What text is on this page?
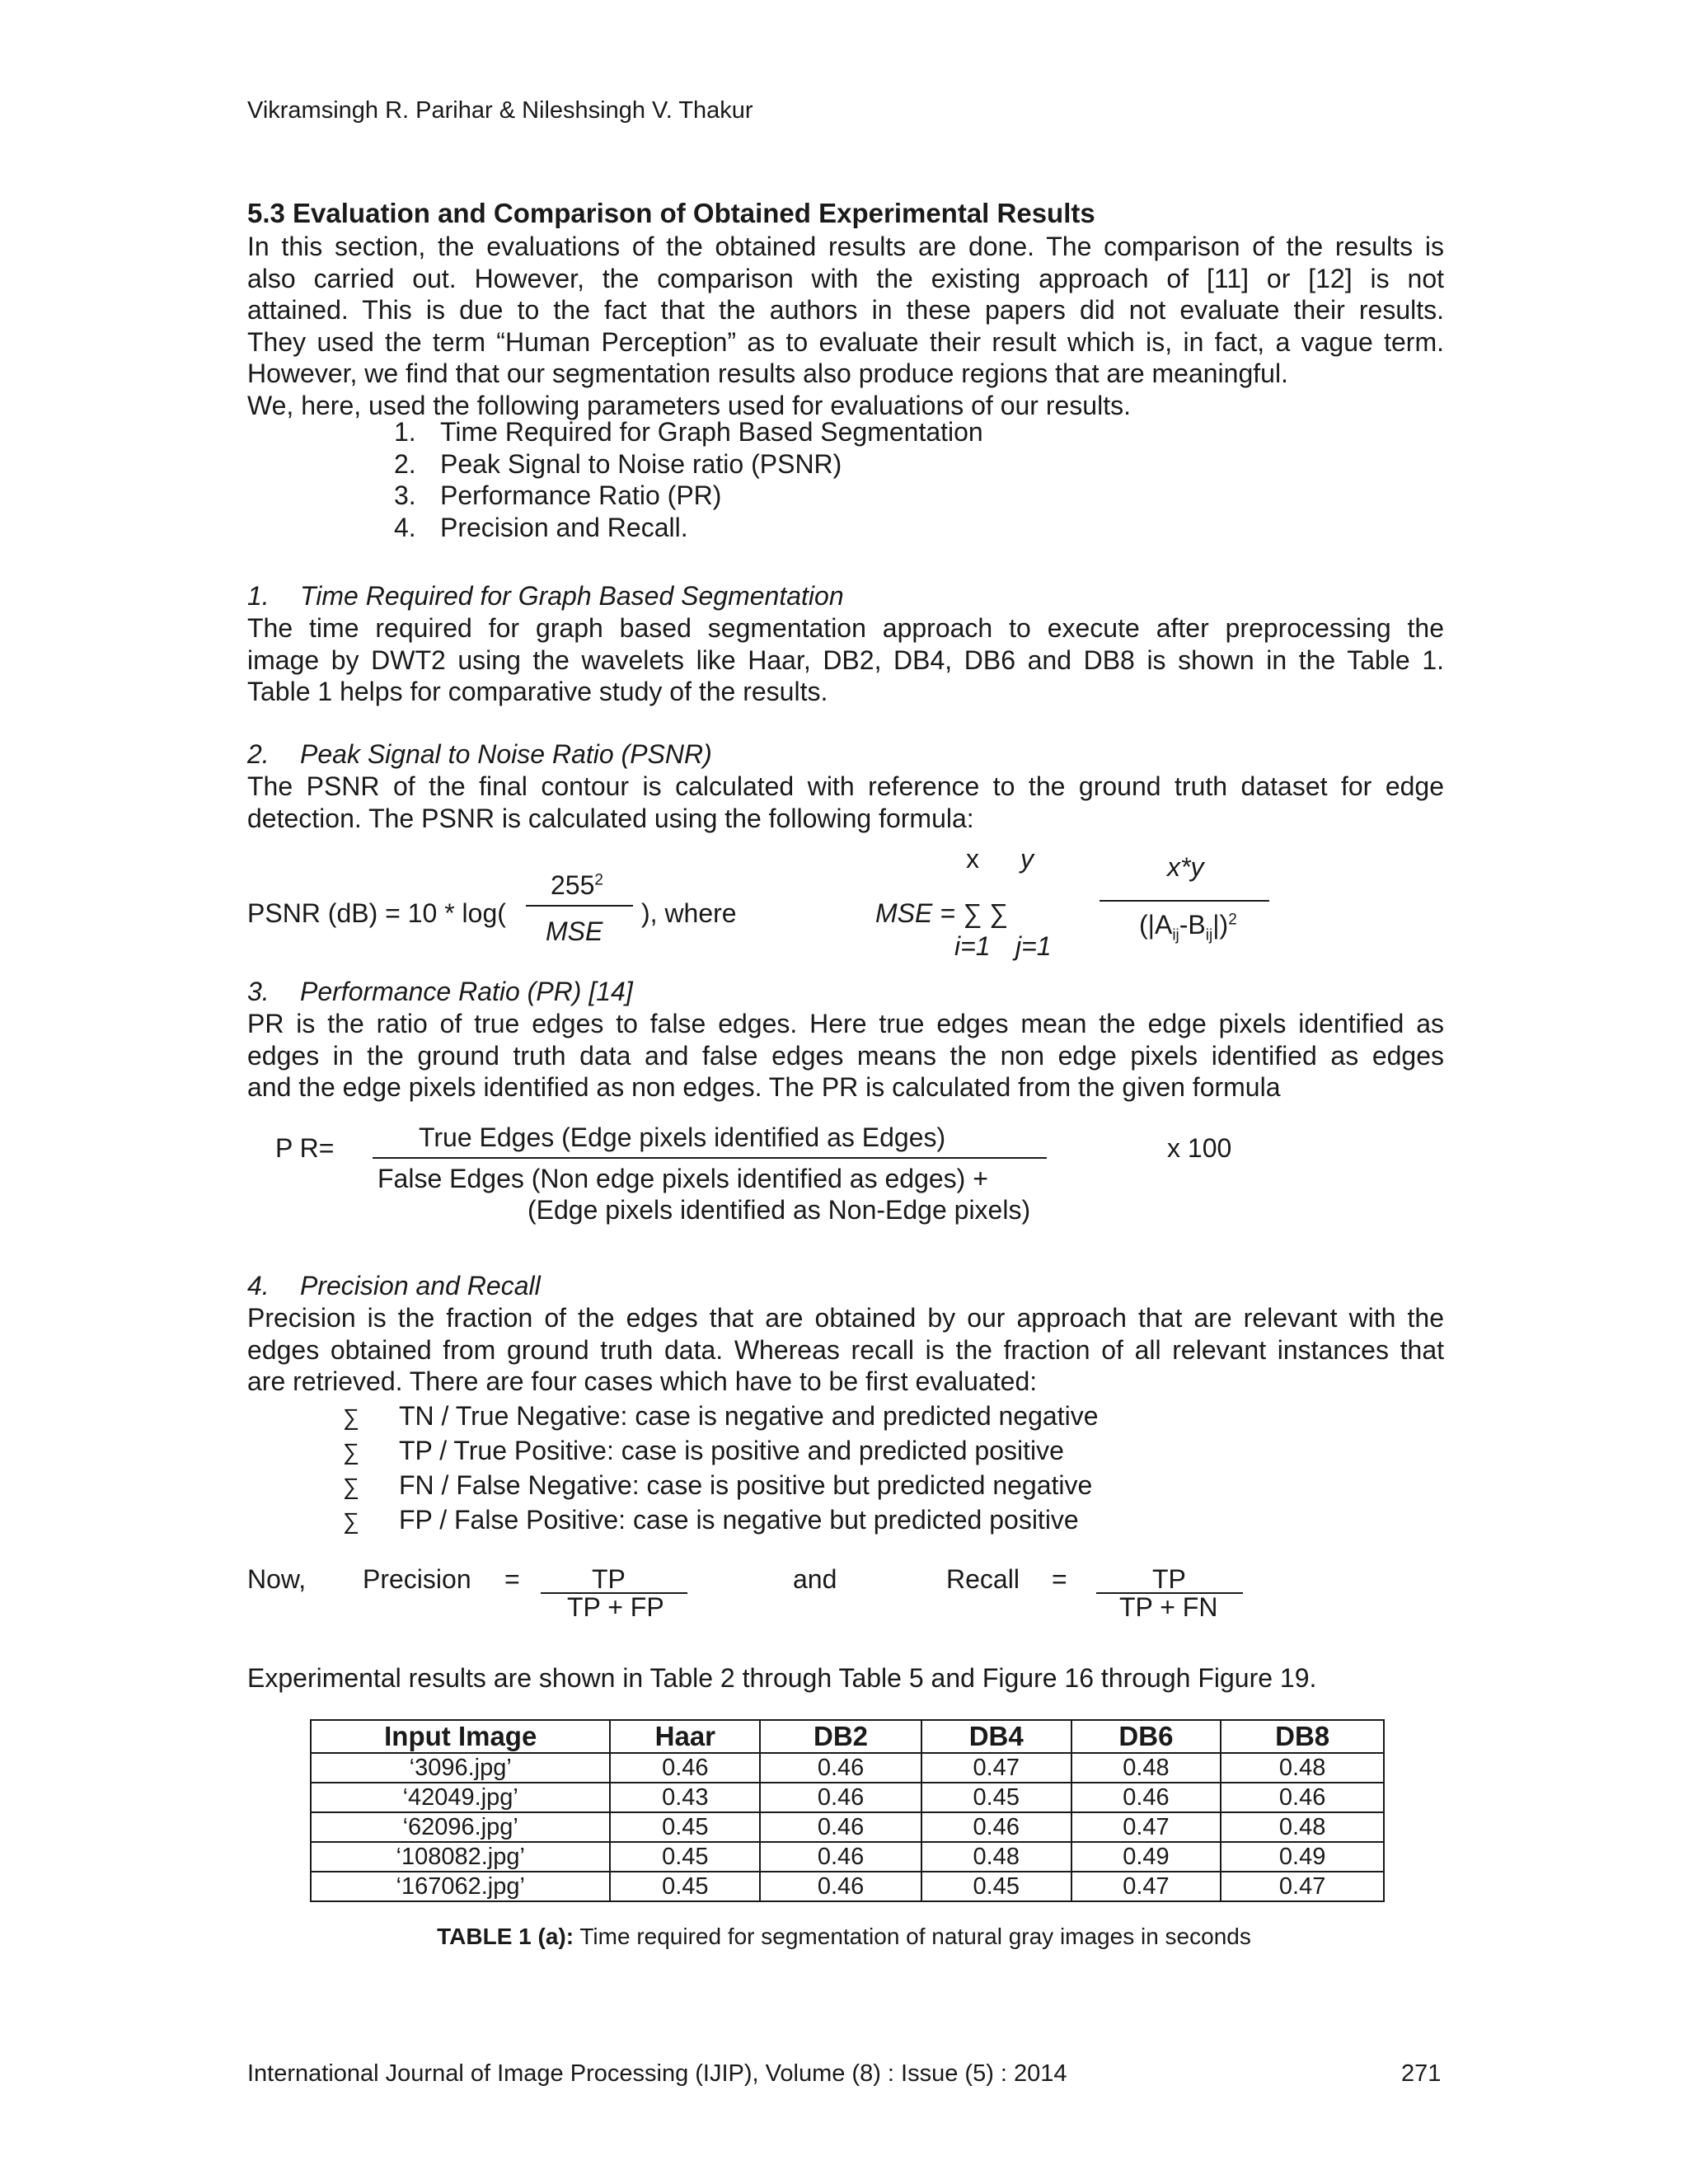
Vikramsingh R. Parihar & Nileshsingh V. Thakur
5.3 Evaluation and Comparison of Obtained Experimental Results

In this section, the evaluations of the obtained results are done. The comparison of the results is

also carried out. However, the comparison with the existing approach of [11] or [12] is not

attained. This is due to the fact that the authors in these papers did not evaluate their results.

They used the term “Human Perception” as to evaluate their result which is, in fact, a vague term.

However, we find that our segmentation results also produce regions that are meaningful.

We, here, used the following parameters used for evaluations of our results.

1. Time Required for Graph Based Segmentation
2. Peak Signal to Noise ratio (PSNR)
3. Performance Ratio (PR)
4. Precision and Recall.
1. Time Required for Graph Based Segmentation

The time required for graph based segmentation approach to execute after preprocessing the

image by DWT2 using the wavelets like Haar, DB2, DB4, DB6 and DB8 is shown in the Table 1.

Table 1 helps for comparative study of the results.

2. Peak Signal to Noise Ratio (PSNR)

The PSNR of the final contour is calculated with reference to the ground truth dataset for edge

detection. The PSNR is calculated using the following formula:

PSNR (dB) = 10 * log(
$255^2$
MSE
), where
x y
MSE = ∑ ∑
i=1 j=1
x*y
$(|A_{ij}-B_{ij}|)^2$
3. Performance Ratio (PR) [14]

PR is the ratio of true edges to false edges. Here true edges mean the edge pixels identified as

edges in the ground truth data and false edges means the non edge pixels identified as edges

and the edge pixels identified as non edges. The PR is calculated from the given formula

P R=	True Edges (Edge pixels identified as Edges)
False Edges (Non edge pixels identified as edges) +
(Edge pixels identified as Non-Edge pixels)
x 100
4. Precision and Recall

Precision is the fraction of the edges that are obtained by our approach that are relevant with the

edges obtained from ground truth data. Whereas recall is the fraction of all relevant instances that

are retrieved. There are four cases which have to be first evaluated:

∑ TN / True Negative: case is negative and predicted negative
∑ TP / True Positive: case is positive and predicted positive
∑ FN / False Negative: case is positive but predicted negative
∑ FP / False Positive: case is negative but predicted positive
Now, Precision =	TP
TP + FP
and	Recall =	TP
TP + FN
Experimental results are shown in Table 2 through Table 5 and Figure 16 through Figure 19.
Input Image	Haar	DB2	DB4	DB6	DB8
‘3096.jpg’	0.46	0.46	0.47	0.48	0.48
‘42049.jpg’	0.43	0.46	0.45	0.46	0.46
‘62096.jpg’	0.45	0.46	0.46	0.47	0.48
‘108082.jpg’	0.45	0.46	0.48	0.49	0.49
‘167062.jpg’	0.45	0.46	0.45	0.47	0.47
TABLE 1 (a): Time required for segmentation of natural gray images in seconds
International Journal of Image Processing (IJIP), Volume (8) : Issue (5) : 2014	271
